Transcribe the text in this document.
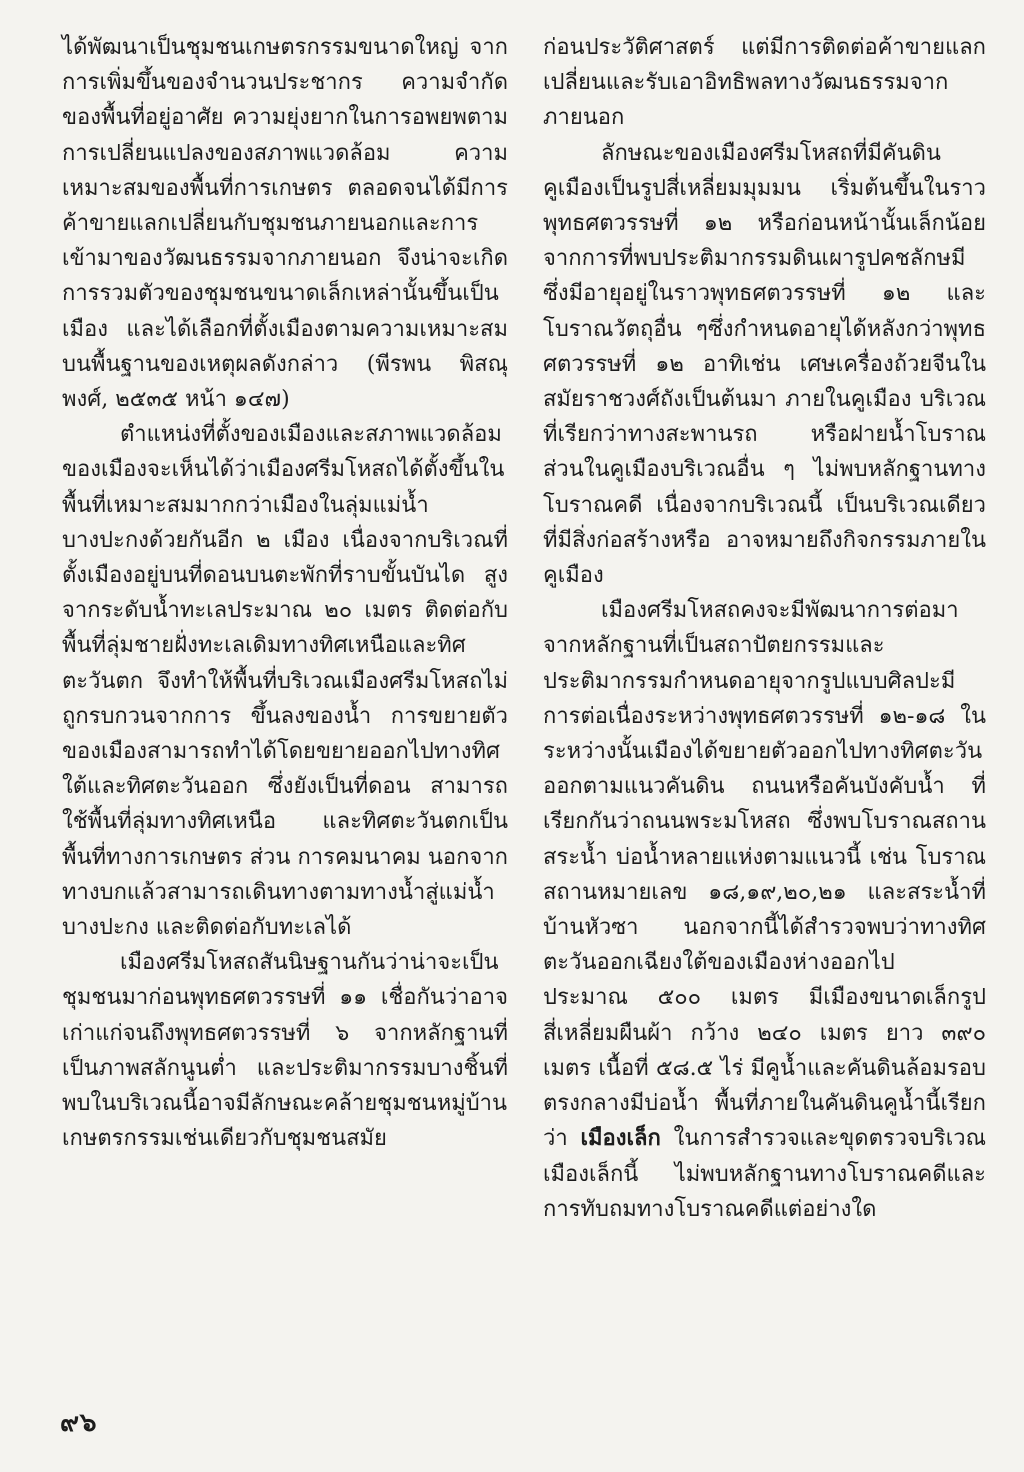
ได้พัฒนาเป็นชุมชนเกษตรกรรมขนาดใหญ่ จากการเพิ่มขึ้นของจำนวนประชากร ความจำกัดของพื้นที่อยู่อาศัย ความยุ่งยากในการอพยพตามการเปลี่ยนแปลงของสภาพแวดล้อม ความเหมาะสมของพื้นที่การเกษตร ตลอดจนได้มีการค้าขายแลกเปลี่ยนกับชุมชนภายนอกและการเข้ามาของวัฒนธรรมจากภายนอก จึงน่าจะเกิดการรวมตัวของชุมชนขนาดเล็กเหล่านั้นขึ้นเป็นเมือง และได้เลือกที่ตั้งเมืองตามความเหมาะสมบนพื้นฐานของเหตุผลดังกล่าว (พีรพน พิสณุพงศ์, ๒๕๓๕ หน้า ๑๔๗)

ตำแหน่งที่ตั้งของเมืองและสภาพแวดล้อมของเมืองจะเห็นได้ว่าเมืองศรีมโหสถได้ตั้งขึ้นในพื้นที่เหมาะสมมากกว่าเมืองในลุ่มแม่น้ำบางปะกงด้วยกันอีก ๒ เมือง เนื่องจากบริเวณที่ตั้งเมืองอยู่บนที่ดอนบนตะพักที่ราบขั้นบันได สูงจากระดับน้ำทะเลประมาณ ๒๐ เมตร ติดต่อกับพื้นที่ลุ่มชายฝั่งทะเลเดิมทางทิศเหนือและทิศตะวันตก จึงทำให้พื้นที่บริเวณเมืองศรีมโหสถไม่ถูกรบกวนจากการ ขึ้นลงของน้ำ การขยายตัวของเมืองสามารถทำได้โดยขยายออกไปทางทิศใต้และทิศตะวันออก ซึ่งยังเป็นที่ดอน สามารถใช้พื้นที่ลุ่มทางทิศเหนือ และทิศตะวันตกเป็นพื้นที่ทางการเกษตร ส่วน การคมนาคม นอกจากทางบกแล้วสามารถเดินทางตามทางน้ำสู่แม่น้ำบางปะกง และติดต่อกับทะเลได้

เมืองศรีมโหสถสันนิษฐานกันว่าน่าจะเป็นชุมชนมาก่อนพุทธศตวรรษที่ ๑๑ เชื่อกันว่าอาจเก่าแก่จนถึงพุทธศตวรรษที่ ๖ จากหลักฐานที่เป็นภาพสลักนูนต่ำ และประติมากรรมบางชิ้นที่พบในบริเวณนี้อาจมีลักษณะคล้ายชุมชนหมู่บ้านเกษตรกรรมเช่นเดียวกับชุมชนสมัย

ก่อนประวัติศาสตร์ แต่มีการติดต่อค้าขายแลกเปลี่ยนและรับเอาอิทธิพลทางวัฒนธรรมจากภายนอก

ลักษณะของเมืองศรีมโหสถที่มีคันดินคูเมืองเป็นรูปสี่เหลี่ยมมุมมน เริ่มต้นขึ้นในราวพุทธศตวรรษที่ ๑๒ หรือก่อนหน้านั้นเล็กน้อย จากการที่พบประติมากรรมดินเผารูปคชลักษมี ซึ่งมีอายุอยู่ในราวพุทธศตวรรษที่ ๑๒ และโบราณวัตถุอื่น ๆซึ่งกำหนดอายุได้หลังกว่าพุทธศตวรรษที่ ๑๒ อาทิเช่น เศษเครื่องถ้วยจีนในสมัยราชวงศ์ถังเป็นต้นมา ภายในคูเมือง บริเวณที่เรียกว่าทางสะพานรถ หรือฝายน้ำโบราณ ส่วนในคูเมืองบริเวณอื่น ๆ ไม่พบหลักฐานทางโบราณคดี เนื่องจากบริเวณนี้ เป็นบริเวณเดียวที่มีสิ่งก่อสร้างหรือ อาจหมายถึงกิจกรรมภายในคูเมือง

เมืองศรีมโหสถคงจะมีพัฒนาการต่อมาจากหลักฐานที่เป็นสถาปัตยกรรมและประติมากรรมกำหนดอายุจากรูปแบบศิลปะมีการต่อเนื่องระหว่างพุทธศตวรรษที่ ๑๒-๑๘ ในระหว่างนั้นเมืองได้ขยายตัวออกไปทางทิศตะวันออกตามแนวคันดิน ถนนหรือคันบังคับน้ำ ที่เรียกกันว่าถนนพระมโหสถ ซึ่งพบโบราณสถาน สระน้ำ บ่อน้ำหลายแห่งตามแนวนี้ เช่น โบราณสถานหมายเลข ๑๘,๑๙,๒๐,๒๑ และสระน้ำที่บ้านหัวซา นอกจากนี้ได้สำรวจพบว่าทางทิศตะวันออกเฉียงใต้ของเมืองห่างออกไป ประมาณ ๕๐๐ เมตร มีเมืองขนาดเล็กรูปสี่เหลี่ยมผืนผ้า กว้าง ๒๔๐ เมตร ยาว ๓๙๐ เมตร เนื้อที่ ๕๘.๕ ไร่ มีคูน้ำและคันดินล้อมรอบ ตรงกลางมีบ่อน้ำ พื้นที่ภายในคันดินคูน้ำนี้เรียกว่า เมืองเล็ก ในการสำรวจและขุดตรวจบริเวณเมืองเล็กนี้ ไม่พบหลักฐานทางโบราณคดีและการทับถมทางโบราณคดีแต่อย่างใด

๙๖
